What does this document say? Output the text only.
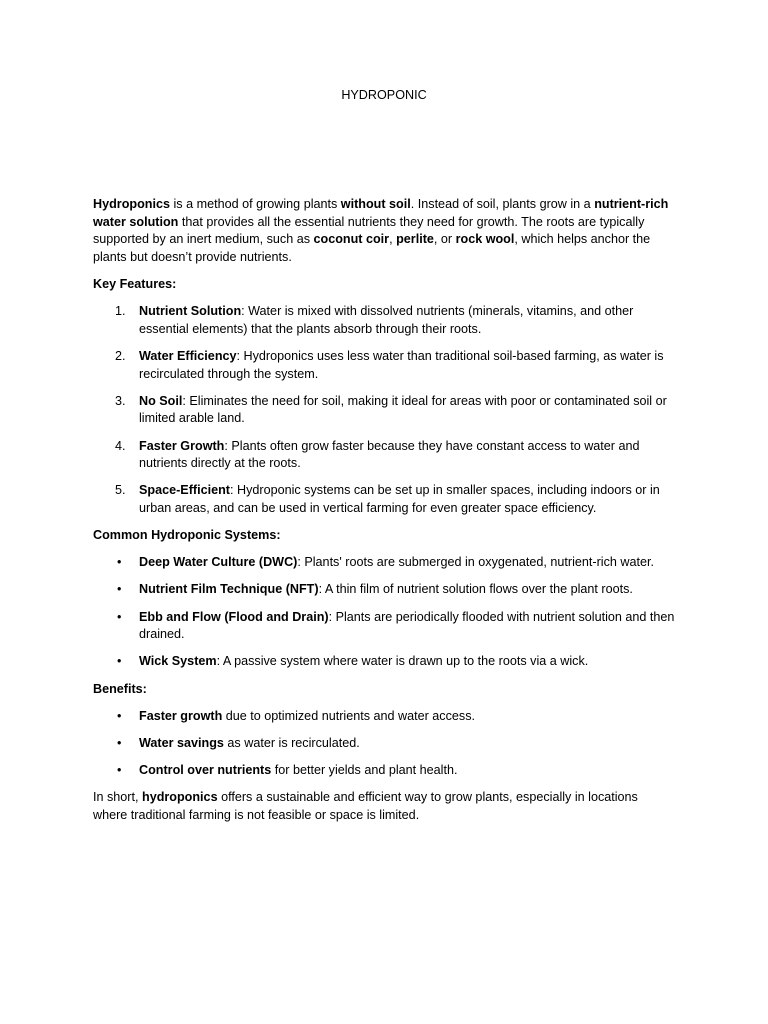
HYDROPONIC

Hydroponics is a method of growing plants without soil. Instead of soil, plants grow in a nutrient-rich water solution that provides all the essential nutrients they need for growth. The roots are typically supported by an inert medium, such as coconut coir, perlite, or rock wool, which helps anchor the plants but doesn’t provide nutrients.

Key Features:
1.	Nutrient Solution: Water is mixed with dissolved nutrients (minerals, vitamins, and other essential elements) that the plants absorb through their roots.
2.	Water Efficiency: Hydroponics uses less water than traditional soil-based farming, as water is recirculated through the system.
3.	No Soil: Eliminates the need for soil, making it ideal for areas with poor or contaminated soil or limited arable land.
4.	Faster Growth: Plants often grow faster because they have constant access to water and nutrients directly at the roots.
5.	Space-Efficient: Hydroponic systems can be set up in smaller spaces, including indoors or in urban areas, and can be used in vertical farming for even greater space efficiency.
Common Hydroponic Systems:
• Deep Water Culture (DWC): Plants' roots are submerged in oxygenated, nutrient-rich water.
• Nutrient Film Technique (NFT): A thin film of nutrient solution flows over the plant roots.
• Ebb and Flow (Flood and Drain): Plants are periodically flooded with nutrient solution and then drained.
• Wick System: A passive system where water is drawn up to the roots via a wick.
Benefits:
• Faster growth due to optimized nutrients and water access.
• Water savings as water is recirculated.
• Control over nutrients for better yields and plant health.

In short, hydroponics offers a sustainable and efficient way to grow plants, especially in locations where traditional farming is not feasible or space is limited.
